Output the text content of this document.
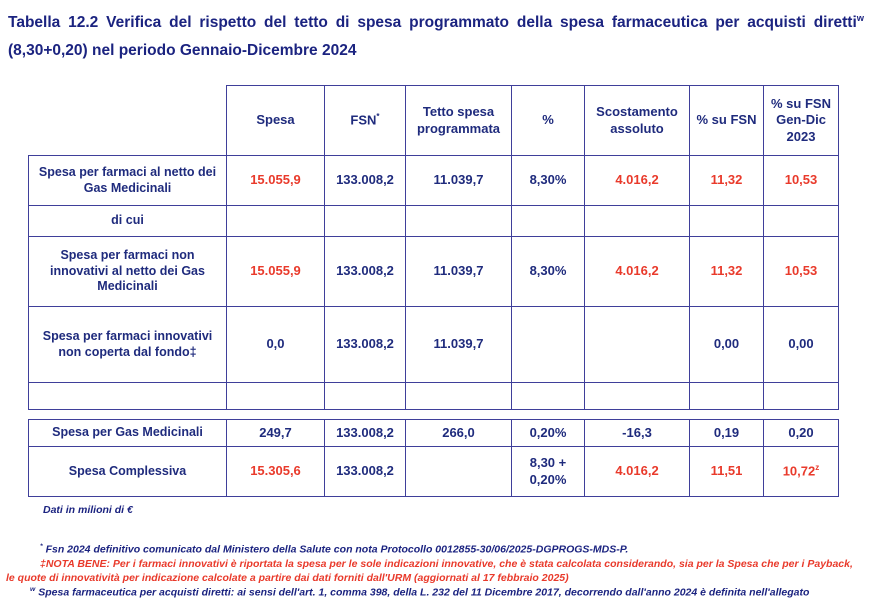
Tabella 12.2 Verifica del rispetto del tetto di spesa programmato della spesa farmaceutica per acquisti diretti$^w$ (8,30+0,20) nel periodo Gennaio-Dicembre 2024
	Spesa	FSN*	Tetto spesa programmata	%	Scostamento assoluto	% su FSN	% su FSN Gen-Dic 2023
Spesa per farmaci al netto dei Gas Medicinali	15.055,9	133.008,2	11.039,7	8,30%	4.016,2	11,32	10,53
di cui							
Spesa per farmaci non innovativi al netto dei Gas Medicinali	15.055,9	133.008,2	11.039,7	8,30%	4.016,2	11,32	10,53
Spesa per farmaci innovativi non coperta dal fondo‡	0,0	133.008,2	11.039,7			0,00	0,00

Spesa per Gas Medicinali	249,7	133.008,2	266,0	0,20%	-16,3	0,19	0,20
Spesa Complessiva	15.305,6	133.008,2		8,30 + 0,20%	4.016,2	11,51	10,72$^z$
Dati in milioni di €
* Fsn 2024 definitivo comunicato dal Ministero della Salute con nota Protocollo 0012855-30/06/2025-DGPROGS-MDS-P.
‡NOTA BENE: Per i farmaci innovativi è riportata la spesa per le sole indicazioni innovative, che è stata calcolata considerando, sia per la Spesa che per i Payback, le quote di innovatività per indicazione calcolate a partire dai dati forniti dall'URM (aggiornati al 17 febbraio 2025)
$^w$ Spesa farmaceutica per acquisti diretti: ai sensi dell'art. 1, comma 398, della L. 232 del 11 Dicembre 2017, decorrendo dall'anno 2024 è definita nell'allegato
